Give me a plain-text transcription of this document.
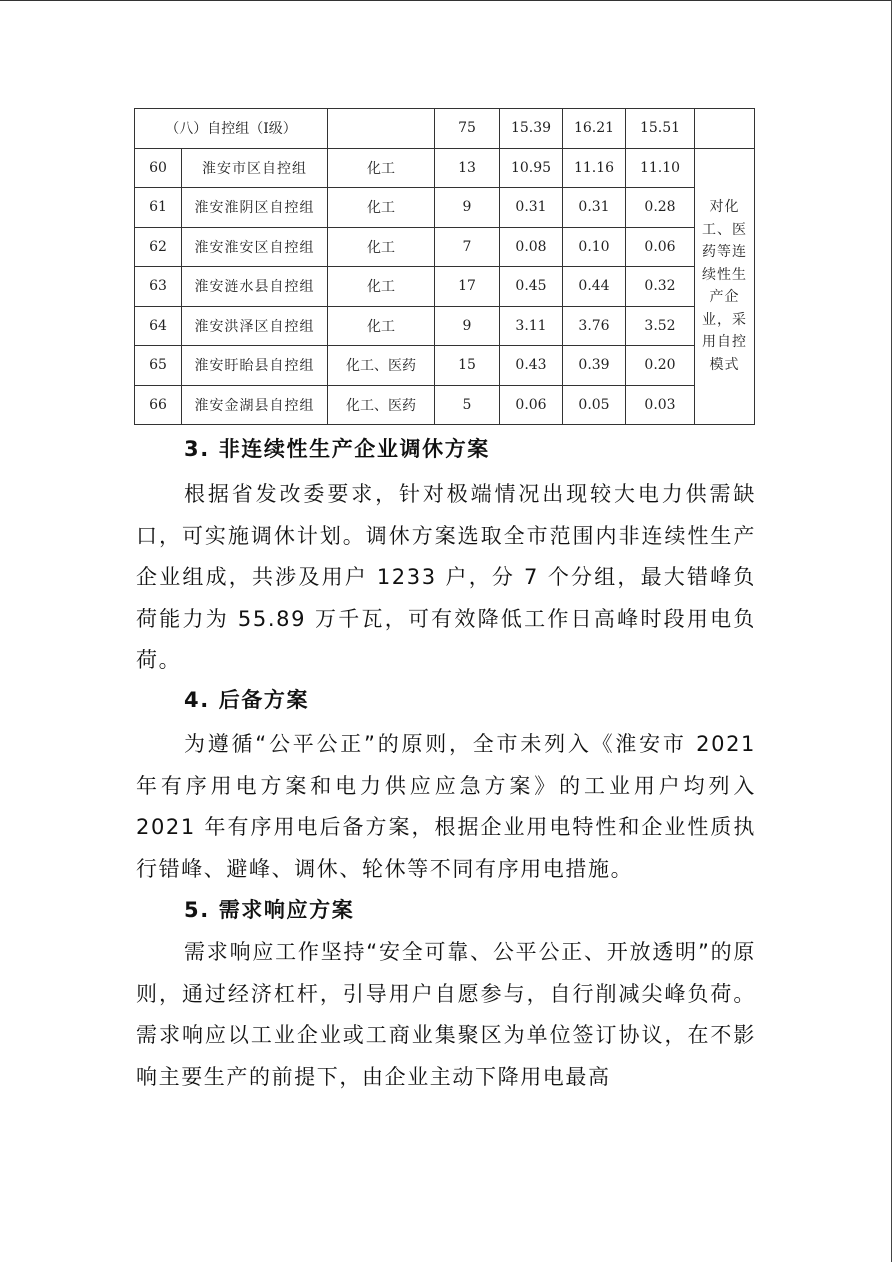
（八）自控组（Ⅰ级）			75	15.39	16.21	15.51	
60	淮安市区自控组	化工	13	10.95	11.16	11.10	对化工、医药等连续性生产企业，采用自控模式
61	淮安淮阴区自控组	化工	9	0.31	0.31	0.28	
62	淮安淮安区自控组	化工	7	0.08	0.10	0.06	
63	淮安涟水县自控组	化工	17	0.45	0.44	0.32	
64	淮安洪泽区自控组	化工	9	3.11	3.76	3.52	
65	淮安盱眙县自控组	化工、医药	15	0.43	0.39	0.20	
66	淮安金湖县自控组	化工、医药	5	0.06	0.05	0.03	
3. 非连续性生产企业调休方案

根据省发改委要求，针对极端情况出现较大电力供需缺口，可实施调休计划。调休方案选取全市范围内非连续性生产企业组成，共涉及用户 1233 户，分 7 个分组，最大错峰负荷能力为 55.89 万千瓦，可有效降低工作日高峰时段用电负荷。

4. 后备方案

为遵循“公平公正”的原则，全市未列入《淮安市 2021 年有序用电方案和电力供应应急方案》的工业用户均列入 2021 年有序用电后备方案，根据企业用电特性和企业性质执行错峰、避峰、调休、轮休等不同有序用电措施。

5. 需求响应方案

需求响应工作坚持“安全可靠、公平公正、开放透明”的原则，通过经济杠杆，引导用户自愿参与，自行削减尖峰负荷。需求响应以工业企业或工商业集聚区为单位签订协议，在不影响主要生产的前提下，由企业主动下降用电最高
